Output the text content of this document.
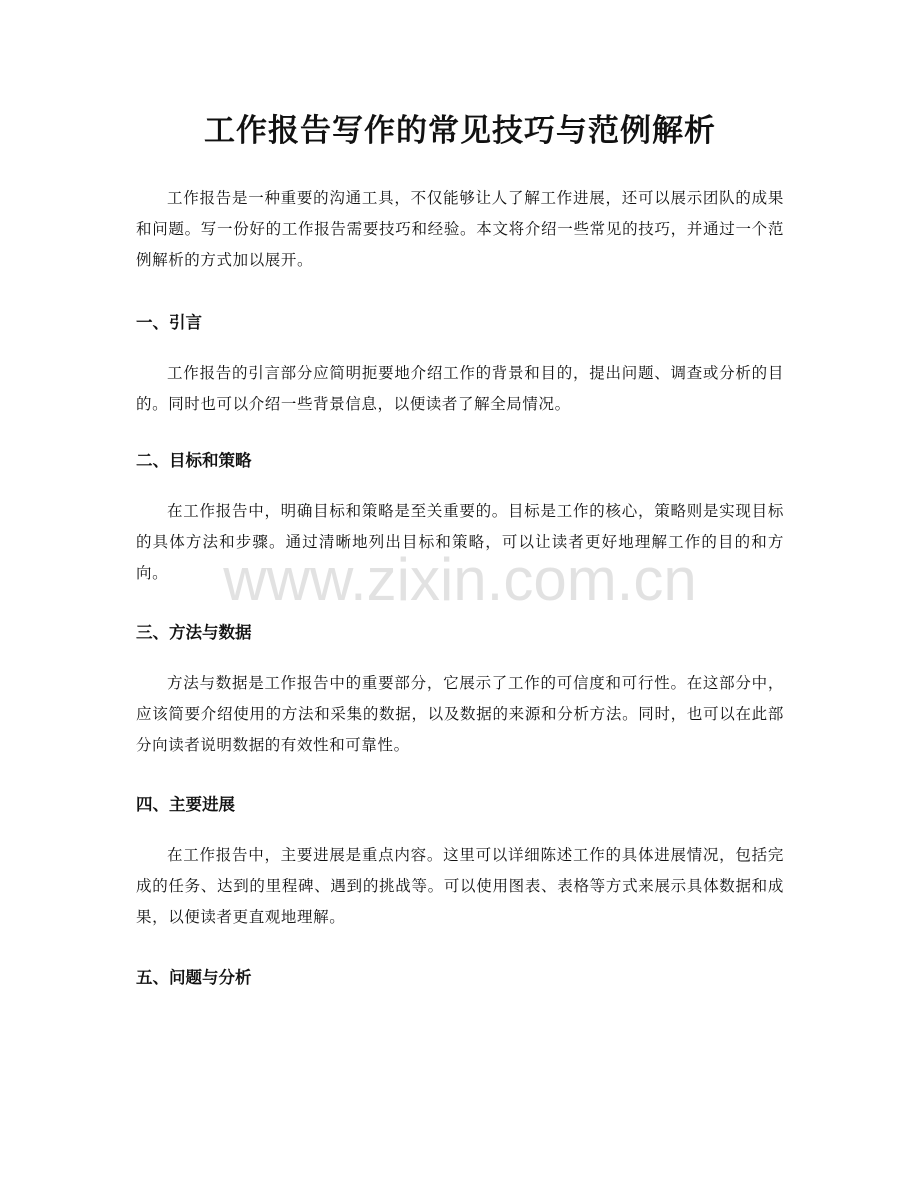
工作报告写作的常见技巧与范例解析

工作报告是一种重要的沟通工具，不仅能够让人了解工作进展，还可以展示团队的成果和问题。写一份好的工作报告需要技巧和经验。本文将介绍一些常见的技巧，并通过一个范例解析的方式加以展开。

一、引言

工作报告的引言部分应简明扼要地介绍工作的背景和目的，提出问题、调查或分析的目的。同时也可以介绍一些背景信息，以便读者了解全局情况。

二、目标和策略

在工作报告中，明确目标和策略是至关重要的。目标是工作的核心，策略则是实现目标的具体方法和步骤。通过清晰地列出目标和策略，可以让读者更好地理解工作的目的和方向。

三、方法与数据

方法与数据是工作报告中的重要部分，它展示了工作的可信度和可行性。在这部分中，应该简要介绍使用的方法和采集的数据，以及数据的来源和分析方法。同时，也可以在此部分向读者说明数据的有效性和可靠性。

四、主要进展

在工作报告中，主要进展是重点内容。这里可以详细陈述工作的具体进展情况，包括完成的任务、达到的里程碑、遇到的挑战等。可以使用图表、表格等方式来展示具体数据和成果，以便读者更直观地理解。

五、问题与分析
www.zixin.com.cn
